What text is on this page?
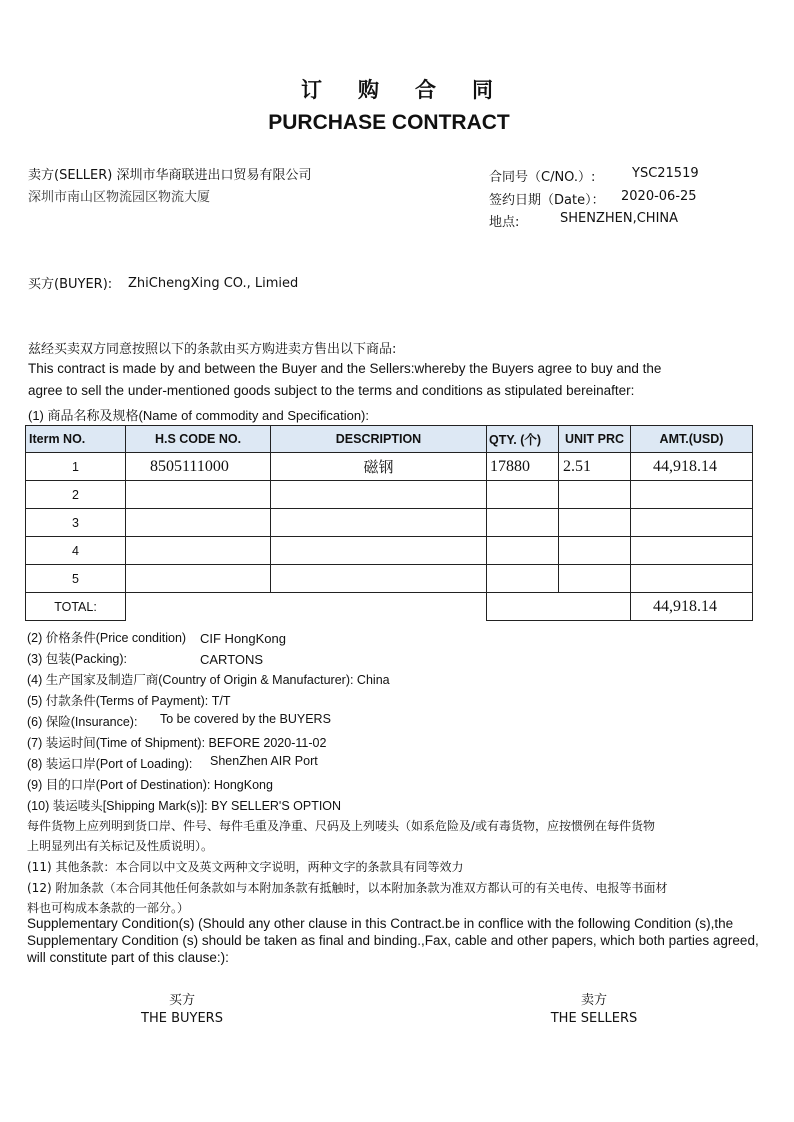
订购合同
PURCHASE CONTRACT
卖方(SELLER) 深圳市华商联进出口贸易有限公司
深圳市南山区物流园区物流大厦
合同号（C/NO.）:	YSC21519
签约日期（Date）： 2020-06-25
地点:	SHENZHEN,CHINA
买方(BUYER): ZhiChengXing CO., Limied
兹经买卖双方同意按照以下的条款由买方购进卖方售出以下商品:
This contract is made by and between the Buyer and the Sellers:whereby the Buyers agree to buy and the
agree to sell the under-mentioned goods subject to the terms and conditions as stipulated bereinafter:
(1) 商品名称及规格(Name of commodity and Specification):
Iterm NO.	H.S CODE NO.	DESCRIPTION	QTY. (个)	UNIT PRC	AMT.(USD)
1	8505111000	磁钢	17880	2.51	44,918.14
2					
3					
4					
5					
TOTAL:					44,918.14
(2) 价格条件(Price condition) CIF HongKong
(3) 包装(Packing):	CARTONS
(4) 生产国家及制造厂商(Country of Origin & Manufacturer): China
(5) 付款条件(Terms of Payment): T/T
(6) 保险(Insurance): To be covered by the BUYERS
(7) 装运时间(Time of Shipment): BEFORE 2020-11-02
(8) 装运口岸(Port of Loading): ShenZhen AIR Port
(9) 目的口岸(Port of Destination): HongKong
(10) 装运唛头[Shipping Mark(s)]: BY SELLER'S OPTION
每件货物上应列明到货口岸、件号、每件毛重及净重、尺码及上列唛头（如系危险及/或有毒货物，应按惯例在每件货物
上明显列出有关标记及性质说明）。
(11) 其他条款：本合同以中文及英文两种文字说明，两种文字的条款具有同等效力
(12) 附加条款（本合同其他任何条款如与本附加条款有抵触时，以本附加条款为准双方都认可的有关电传、电报等书面材
料也可构成本条款的一部分。）
Supplementary Condition(s) (Should any other clause in this Contract.be in conflice with the following Condition (s),the Supplementary Condition (s) should be taken as final and binding.,Fax, cable and other papers, which both parties agreed, will constitute part of this clause:):
买方
THE BUYERS
卖方
THE SELLERS
